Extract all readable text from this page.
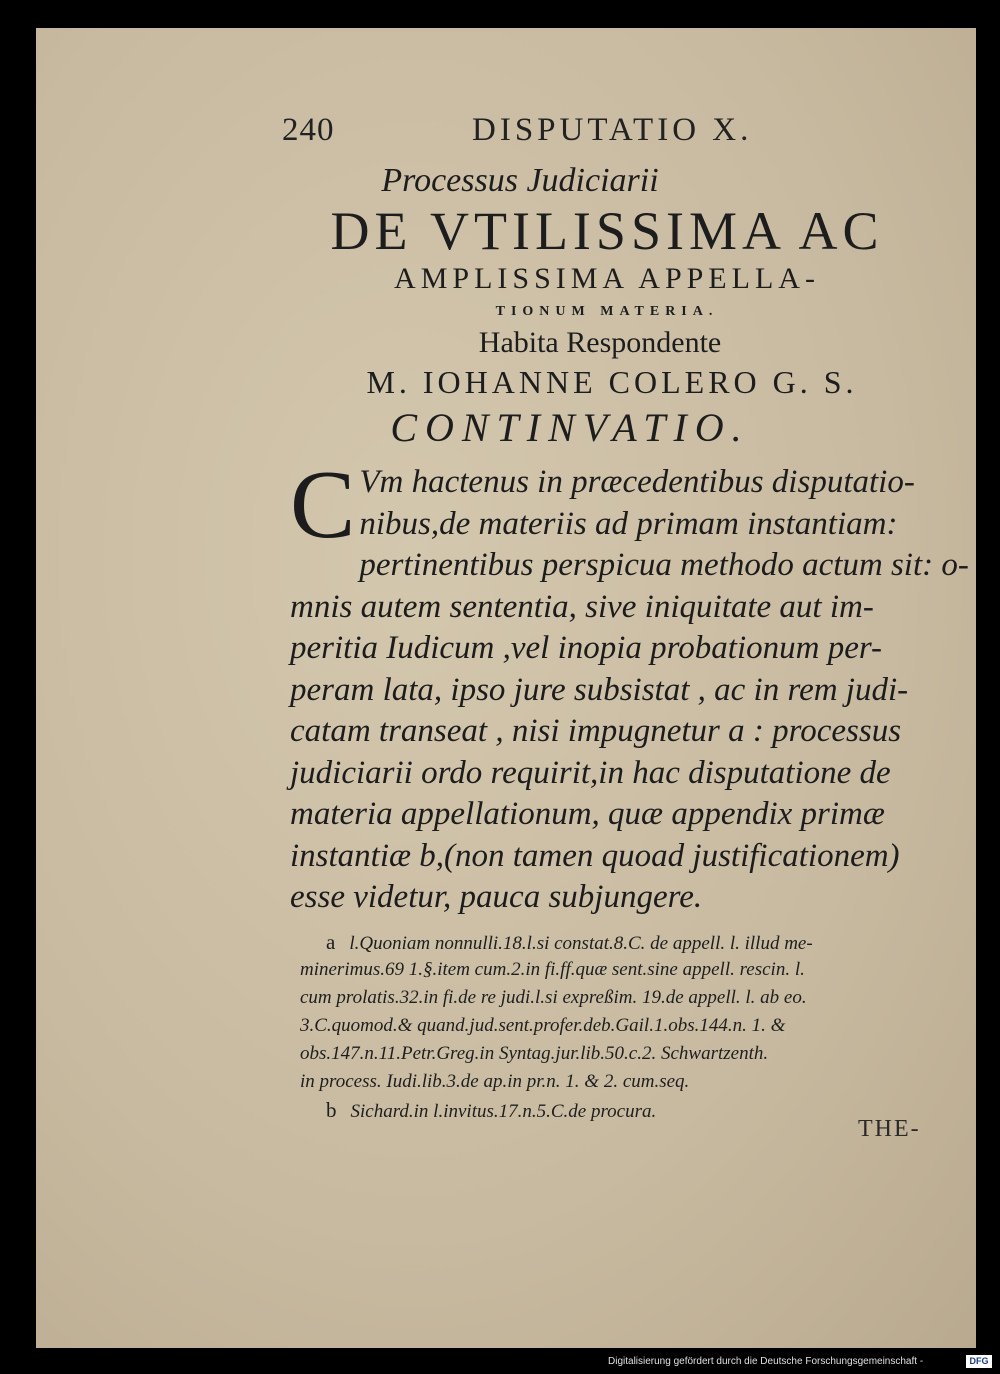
240	DISPUTATIO X.
Processus Judiciarii
DE VTILISSIMA AC
AMPLISSIMA APPELLA-
TIONUM MATERIA.
Habita Respondente
M. IOHANNE COLERO G. S.
CONTINVATIO.
C Vm hactenus in præcedentibus disputatio-
nibus,de materiis ad primam instantiam:
pertinentibus perspicua methodo actum sit: o-
mnis autem sententia, sive iniquitate aut im-
peritia Iudicum ,vel inopia probationum per-
peram lata, ipso jure subsistat , ac in rem judi-
catam transeat , nisi impugnetur a : processus
judiciarii ordo requirit,in hac disputatione de
materia appellationum, quæ appendix primæ
instantiæ b,(non tamen quoad justificationem)
esse videtur, pauca subjungere.
a l.Quoniam nonnulli.18.l.si constat.8.C. de appell. l. illud me-
minerimus.69 1.§.item cum.2.in fi.ff.quæ sent.sine appell. rescin. l.
cum prolatis.32.in fi.de re judi.l.si expreßim. 19.de appell. l. ab eo.
3.C.quomod.& quand.jud.sent.profer.deb.Gail.1.obs.144.n. 1. &
obs.147.n.11.Petr.Greg.in Syntag.jur.lib.50.c.2. Schwartzenth.
in process. Iudi.lib.3.de ap.in pr.n. 1. & 2. cum.seq.
b Sichard.in l.invitus.17.n.5.C.de procura.
THE-
Digitalisierung gefördert durch die Deutsche Forschungsgemeinschaft -	DFG
